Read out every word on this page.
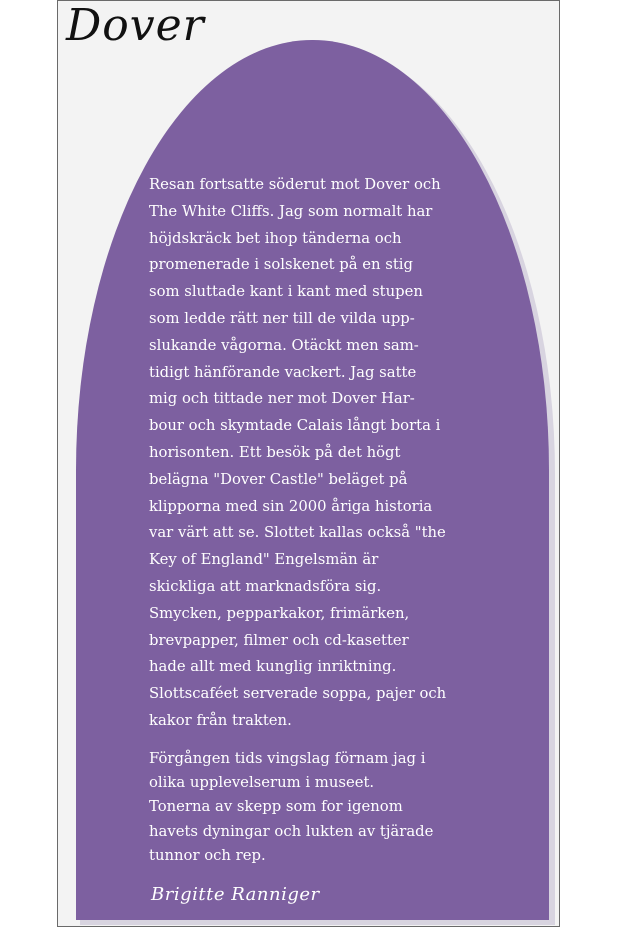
Dover

Resan fortsatte söderut mot Dover och

The White Cliffs. Jag som normalt har

höjdskräck bet ihop tänderna och

promenerade i solskenet på en stig

som sluttade kant i kant med stupen

som ledde rätt ner till de vilda upp-

slukande vågorna. Otäckt men sam-

tidigt hänförande vackert. Jag satte

mig och tittade ner mot Dover Har-

bour och skymtade Calais långt borta i

horisonten. Ett besök på det högt

belägna "Dover Castle" beläget på

klipporna med sin 2000 åriga historia

var värt att se. Slottet kallas också "the

Key of England" Engelsmän är

skickliga att marknadsföra sig.

Smycken, pepparkakor, frimärken,

brevpapper, filmer och cd-kasetter

hade allt med kunglig inriktning.

Slottscaféet serverade soppa, pajer och

kakor från trakten.

Förgången tids vingslag förnam jag i

olika upplevelserum i museet.

Tonerna av skepp som for igenom

havets dyningar och lukten av tjärade

tunnor och rep.

Brigitte Ranniger
